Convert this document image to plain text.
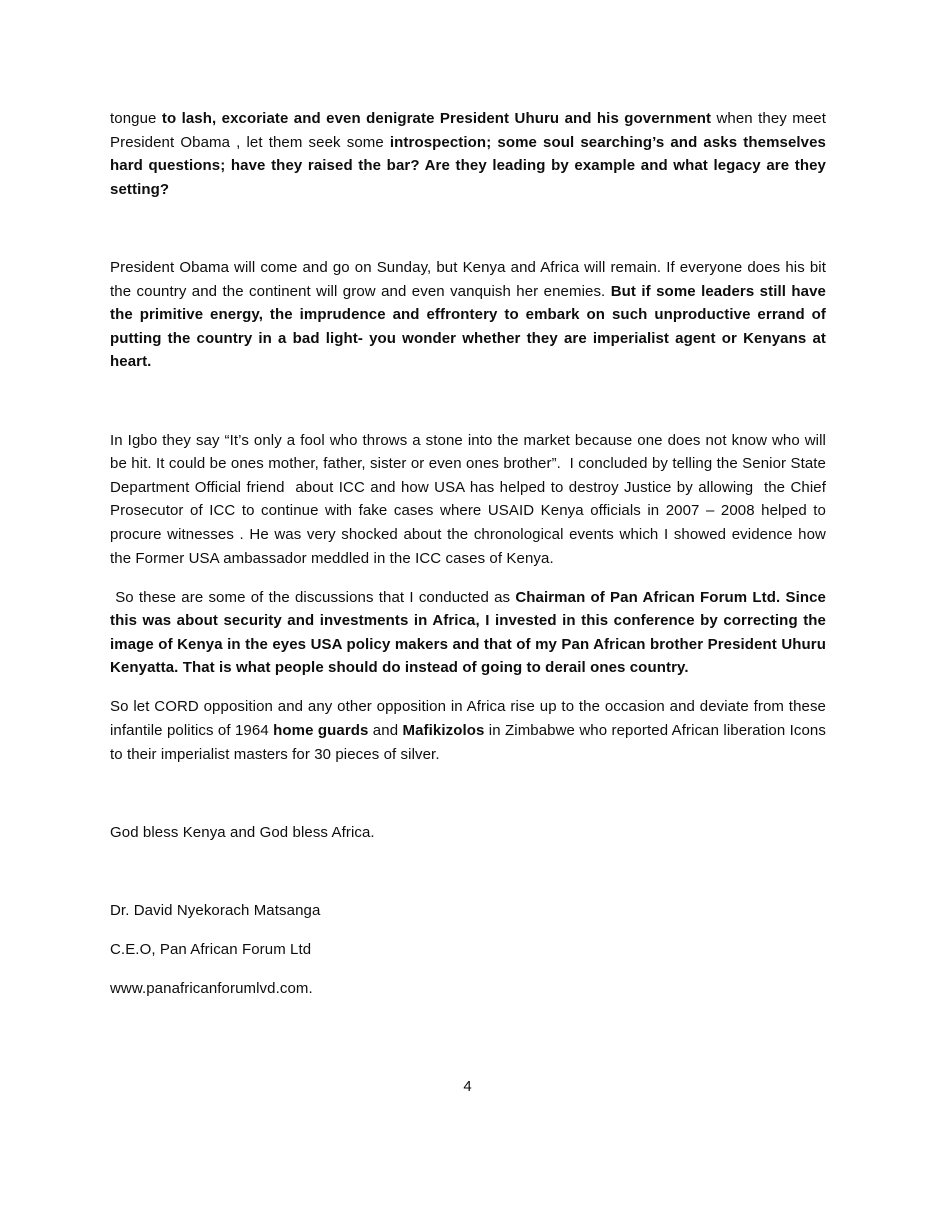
tongue to lash, excoriate and even denigrate President Uhuru and his government when they meet President Obama , let them seek some introspection; some soul searching’s and asks themselves hard questions; have they raised the bar? Are they leading by example and what legacy are they setting?

President Obama will come and go on Sunday, but Kenya and Africa will remain. If everyone does his bit the country and the continent will grow and even vanquish her enemies. But if some leaders still have the primitive energy, the imprudence and effrontery to embark on such unproductive errand of putting the country in a bad light- you wonder whether they are imperialist agent or Kenyans at heart.

In Igbo they say “It’s only a fool who throws a stone into the market because one does not know who will be hit. It could be ones mother, father, sister or even ones brother”.  I concluded by telling the Senior State Department Official friend  about ICC and how USA has helped to destroy Justice by allowing  the Chief Prosecutor of ICC to continue with fake cases where USAID Kenya officials in 2007 – 2008 helped to procure witnesses . He was very shocked about the chronological events which I showed evidence how the Former USA ambassador meddled in the ICC cases of Kenya.

So these are some of the discussions that I conducted as Chairman of Pan African Forum Ltd. Since this was about security and investments in Africa, I invested in this conference by correcting the image of Kenya in the eyes USA policy makers and that of my Pan African brother President Uhuru Kenyatta. That is what people should do instead of going to derail ones country.

So let CORD opposition and any other opposition in Africa rise up to the occasion and deviate from these infantile politics of 1964 home guards and Mafikizolos in Zimbabwe who reported African liberation Icons to their imperialist masters for 30 pieces of silver.

God bless Kenya and God bless Africa.

Dr. David Nyekorach Matsanga

C.E.O, Pan African Forum Ltd

www.panafricanforumlvd.com.

4
